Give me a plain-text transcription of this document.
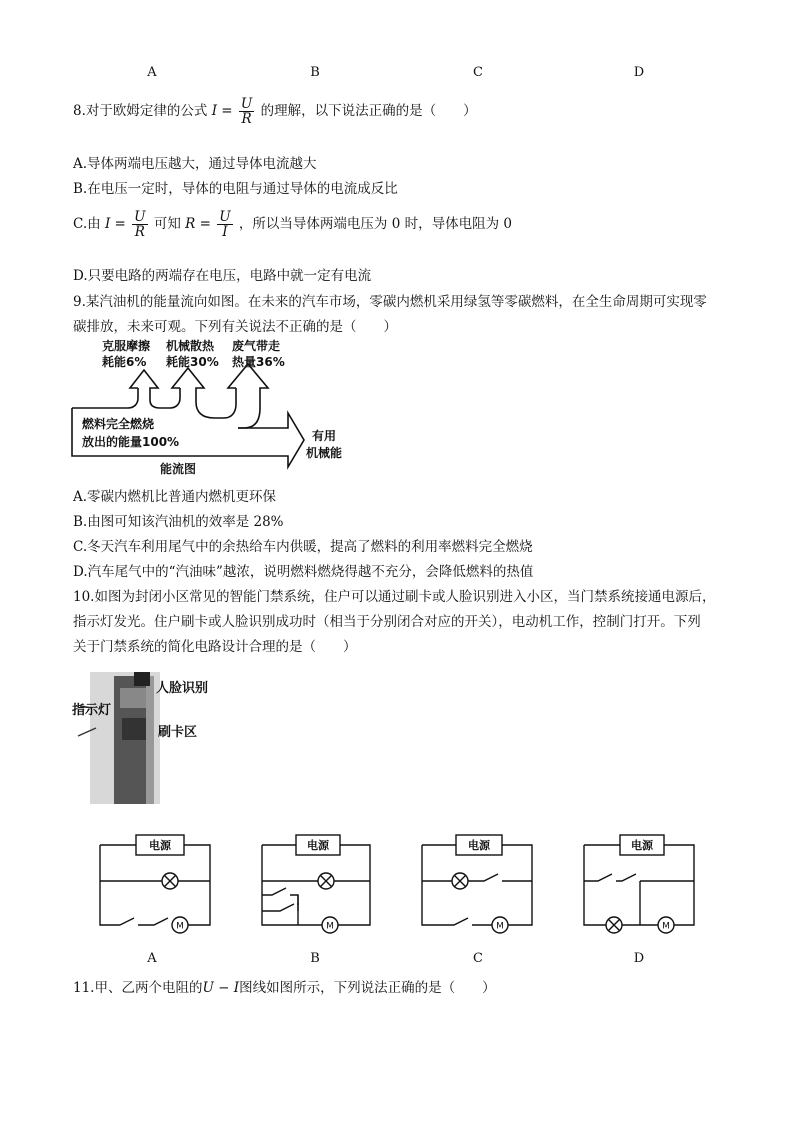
A	B	C	D
8.对于欧姆定律的公式 $I = \frac{U}{R}$ 的理解，以下说法正确的是（　　）
A.导体两端电压越大，通过导体电流越大
B.在电压一定时，导体的电阻与通过导体的电流成反比
C.由 $I = \frac{U}{R}$ 可知 $R = \frac{U}{I}$ ，所以当导体两端电压为 0 时，导体电阻为 0
D.只要电路的两端存在电压，电路中就一定有电流
9.某汽油机的能量流向如图。在未来的汽车市场，零碳内燃机采用绿氢等零碳燃料，在全生命周期可实现零
碳排放，未来可观。下列有关说法不正确的是（　　）
克服摩擦
耗能6%
机械散热
耗能30%
废气带走
热量36%
燃料完全燃烧
放出的能量100%	有用
机械能
能流图
A.零碳内燃机比普通内燃机更环保
B.由图可知该汽油机的效率是 28%
C.冬天汽车利用尾气中的余热给车内供暖，提高了燃料的利用率燃料完全燃烧
D.汽车尾气中的“汽油味”越浓，说明燃料燃烧得越不充分，会降低燃料的热值
10.如图为封闭小区常见的智能门禁系统，住户可以通过刷卡或人脸识别进入小区，当门禁系统接通电源后，
指示灯发光。住户刷卡或人脸识别成功时（相当于分别闭合对应的开关），电动机工作，控制门打开。下列
关于门禁系统的简化电路设计合理的是（　　）
人脸识别
指示灯
刷卡区
电源	电源	电源	电源
M	M	M	M
A	B	C	D
11.甲、乙两个电阻的U − I图线如图所示，下列说法正确的是（　　）
